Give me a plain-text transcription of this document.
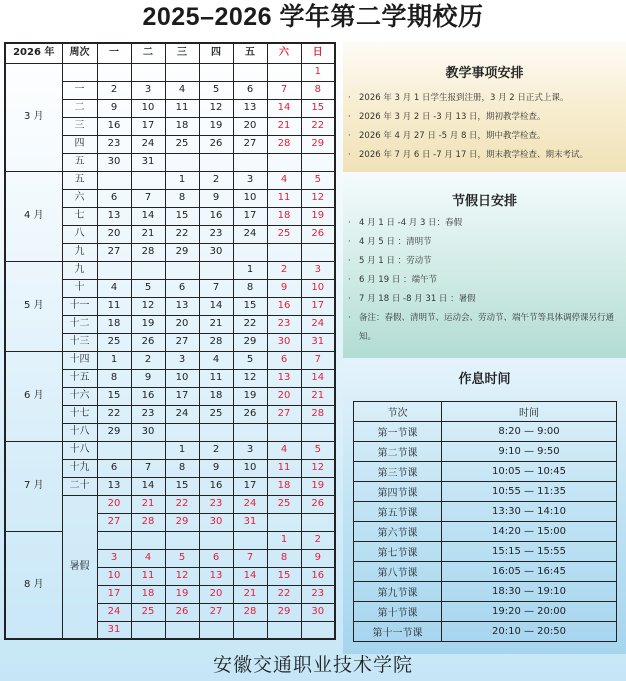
2025–2026 学年第二学期校历
2026 年	周次	一	二	三	四	五	六	日
3 月								1
	一	2	3	4	5	6	7	8
	二	9	10	11	12	13	14	15
	三	16	17	18	19	20	21	22
	四	23	24	25	26	27	28	29
	五	30	31					
4 月	五			1	2	3	4	5
	六	6	7	8	9	10	11	12
	七	13	14	15	16	17	18	19
	八	20	21	22	23	24	25	26
	九	27	28	29	30			
5 月	九					1	2	3
	十	4	5	6	7	8	9	10
	十一	11	12	13	14	15	16	17
	十二	18	19	20	21	22	23	24
	十三	25	26	27	28	29	30	31
6 月	十四	1	2	3	4	5	6	7
	十五	8	9	10	11	12	13	14
	十六	15	16	17	18	19	20	21
	十七	22	23	24	25	26	27	28
	十八	29	30					
7 月	十八			1	2	3	4	5
	十九	6	7	8	9	10	11	12
	二十	13	14	15	16	17	18	19
	暑假	20	21	22	23	24	25	26
		27	28	29	30	31		
8 月							1	2
		3	4	5	6	7	8	9
		10	11	12	13	14	15	16
		17	18	19	20	21	22	23
		24	25	26	27	28	29	30
		31						
教学事项安排
· 2026 年 3 月 1 日学生报到注册，3 月 2 日正式上课。
· 2026 年 3 月 2 日 -3 月 13 日，期初教学检查。
· 2026 年 4 月 27 日 -5 月 8 日，期中教学检查。
· 2026 年 7 月 6 日 -7 月 17 日，期末教学检查、期末考试。
节假日安排
· 4 月 1 日 -4 月 3 日：春假
· 4 月 5 日 ：清明节
· 5 月 1 日 ：劳动节
· 6 月 19 日 ：端午节
· 7 月 18 日 -8 月 31 日 ：暑假
· 备注：春假、清明节、运动会、劳动节、端午节等具体调停课另行通知。
作息时间
节次	时间
第一节课	8:20 — 9:00
第二节课	9:10 — 9:50
第三节课	10:05 — 10:45
第四节课	10:55 — 11:35
第五节课	13:30 — 14:10
第六节课	14:20 — 15:00
第七节课	15:15 — 15:55
第八节课	16:05 — 16:45
第九节课	18:30 — 19:10
第十节课	19:20 — 20:00
第十一节课	20:10 — 20:50
安徽交通职业技术学院
